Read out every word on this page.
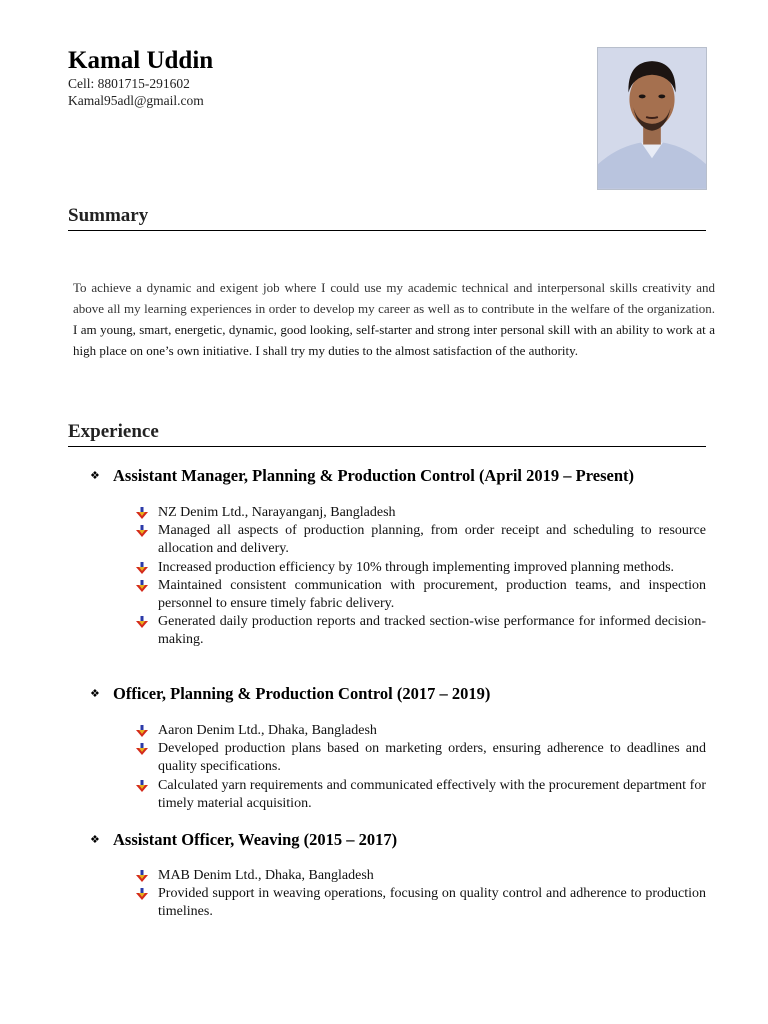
Kamal Uddin
Cell: 8801715-291602
Kamal95adl@gmail.com
Summary
To achieve a dynamic and exigent job where I could use my academic technical and interpersonal skills creativity and above all my learning experiences in order to develop my career as well as to contribute in the welfare of the organization. I am young, smart, energetic, dynamic, good looking, self-starter and strong inter personal skill with an ability to work at a high place on one’s own initiative. I shall try my duties to the almost satisfaction of the authority.
Experience
❖ Assistant Manager, Planning & Production Control (April 2019 – Present)
NZ Denim Ltd., Narayanganj, Bangladesh
Managed all aspects of production planning, from order receipt and scheduling to resource allocation and delivery.
Increased production efficiency by 10% through implementing improved planning methods.
Maintained consistent communication with procurement, production teams, and inspection personnel to ensure timely fabric delivery.
Generated daily production reports and tracked section-wise performance for informed decision-making.
❖ Officer, Planning & Production Control (2017 – 2019)
Aaron Denim Ltd., Dhaka, Bangladesh
Developed production plans based on marketing orders, ensuring adherence to deadlines and quality specifications.
Calculated yarn requirements and communicated effectively with the procurement department for timely material acquisition.
❖ Assistant Officer, Weaving (2015 – 2017)
MAB Denim Ltd., Dhaka, Bangladesh
Provided support in weaving operations, focusing on quality control and adherence to production timelines.
